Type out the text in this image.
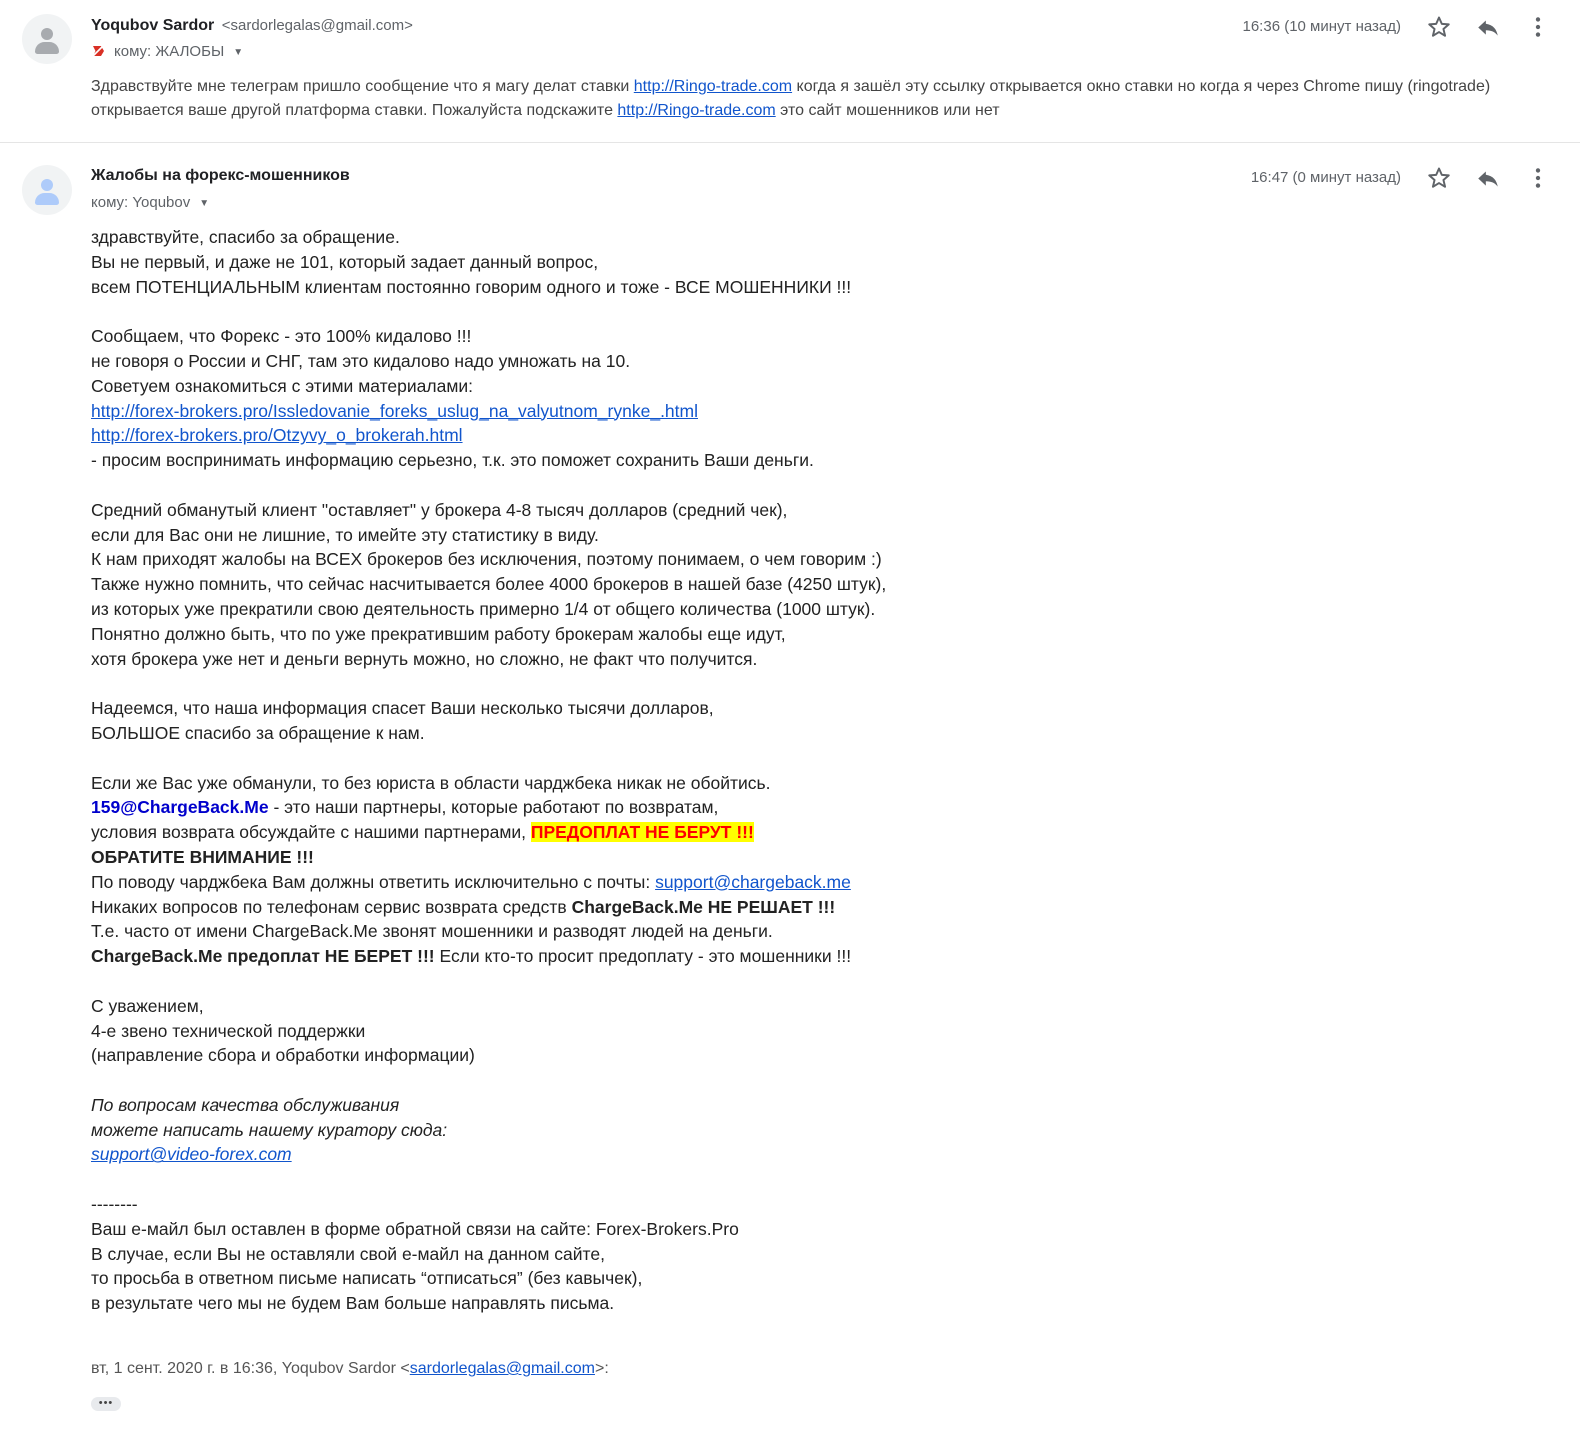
Yoqubov Sardor <sardorlegalas@gmail.com>
кому: ЖАЛОБЫ ▼
16:36 (10 минут назад)
Здравствуйте мне телеграм пришло сообщение что я магу делат ставки http://Ringo-trade.com когда я зашёл эту ссылку открывается окно ставки но когда я через Chrome пишу (ringotrade) открывается ваше другой платформа ставки. Пожалуйста подскажите http://Ringo-trade.com это сайт мошенников или нет
Жалобы на форекс-мошенников
кому: Yoqubov ▼
16:47 (0 минут назад)
здравствуйте, спасибо за обращение.
Вы не первый, и даже не 101, который задает данный вопрос,
всем ПОТЕНЦИАЛЬНЫМ клиентам постоянно говорим одного и тоже - ВСЕ МОШЕННИКИ !!!
Сообщаем, что Форекс - это 100% кидалово !!!
не говоря о России и СНГ, там это кидалово надо умножать на 10.
Советуем ознакомиться с этими материалами:
http://forex-brokers.pro/Issledovanie_foreks_uslug_na_valyutnom_rynke_.html
http://forex-brokers.pro/Otzyvy_o_brokerah.html
- просим воспринимать информацию серьезно, т.к. это поможет сохранить Ваши деньги.
Средний обманутый клиент "оставляет" у брокера 4-8 тысяч долларов (средний чек),
если для Вас они не лишние, то имейте эту статистику в виду.
К нам приходят жалобы на ВСЕХ брокеров без исключения, поэтому понимаем, о чем говорим :)
Также нужно помнить, что сейчас насчитывается более 4000 брокеров в нашей базе (4250 штук),
из которых уже прекратили свою деятельность примерно 1/4 от общего количества (1000 штук).
Понятно должно быть, что по уже прекратившим работу брокерам жалобы еще идут,
хотя брокера уже нет и деньги вернуть можно, но сложно, не факт что получится.
Надеемся, что наша информация спасет Ваши несколько тысячи долларов,
БОЛЬШОЕ спасибо за обращение к нам.
Если же Вас уже обманули, то без юриста в области чарджбека никак не обойтись.
159@ChargeBack.Me - это наши партнеры, которые работают по возвратам,
условия возврата обсуждайте с нашими партнерами, ПРЕДОПЛАТ НЕ БЕРУТ !!!
ОБРАТИТЕ ВНИМАНИЕ !!!
По поводу чарджбека Вам должны ответить исключительно с почты: support@chargeback.me
Никаких вопросов по телефонам сервис возврата средств ChargeBack.Me НЕ РЕШАЕТ !!!
Т.е. часто от имени ChargeBack.Me звонят мошенники и разводят людей на деньги.
ChargeBack.Me предоплат НЕ БЕРЕТ !!! Если кто-то просит предоплату - это мошенники !!!
С уважением,
4-е звено технической поддержки
(направление сбора и обработки информации)
По вопросам качества обслуживания
можете написать нашему куратору сюда:
support@video-forex.com
--------
Ваш е-майл был оставлен в форме обратной связи на сайте: Forex-Brokers.Pro
В случае, если Вы не оставляли свой е-майл на данном сайте,
то просьба в ответном письме написать “отписаться” (без кавычек),
в результате чего мы не будем Вам больше направлять письма.
вт, 1 сент. 2020 г. в 16:36, Yoqubov Sardor <sardorlegalas@gmail.com>:
•••
